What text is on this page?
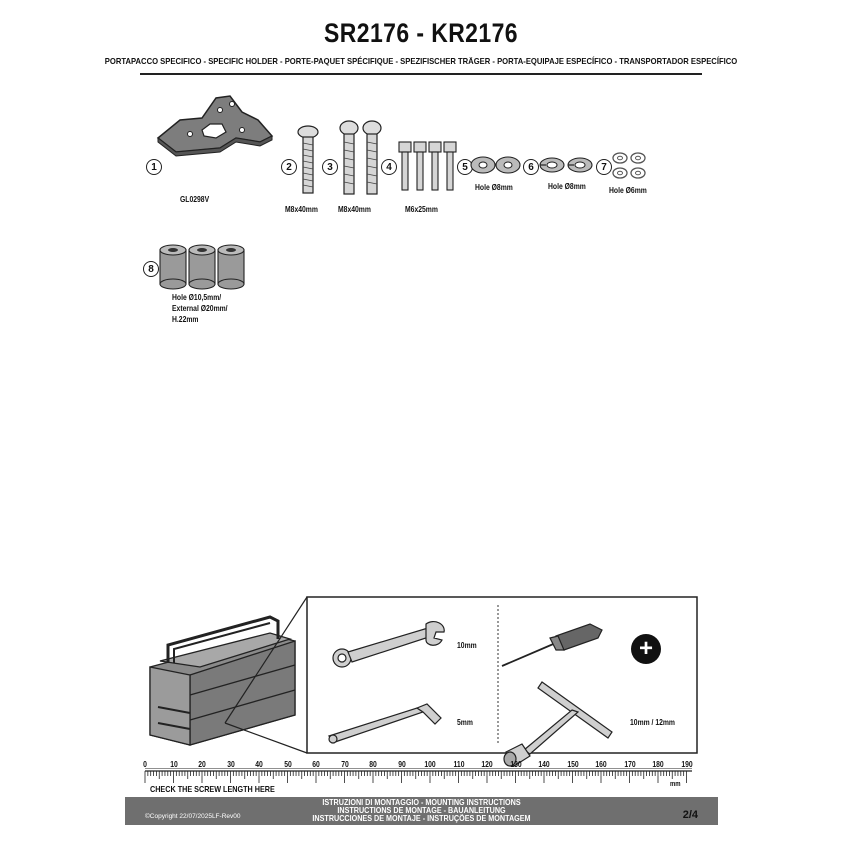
SR2176 - KR2176
PORTAPACCO SPECIFICO - SPECIFIC HOLDER - PORTE-PAQUET SPÉCIFIQUE - SPEZIFISCHER TRÄGER - PORTA-EQUIPAJE ESPECÍFICO - TRANSPORTADOR ESPECÍFICO
1
GL0298V
2
M8x40mm
3
M8x40mm
4
M6x25mm
5
Hole Ø8mm
6
Hole Ø8mm
7
Hole Ø6mm
8
Hole Ø10,5mm/
External Ø20mm/
H.22mm
10mm
5mm
+
10mm / 12mm
0	10	20	30	40	50	60	70	80	90 100 110 120 130 140 150 160 170 180 190
CHECK THE SCREW LENGTH HERE	mm
ISTRUZIONI DI MONTAGGIO - MOUNTING INSTRUCTIONS
INSTRUCTIONS DE MONTAGE - BAUANLEITUNG
INSTRUCCIONES DE MONTAJE - INSTRUÇÕES DE MONTAGEM
©Copyright 22/07/2025LF-Rev00	2/4
